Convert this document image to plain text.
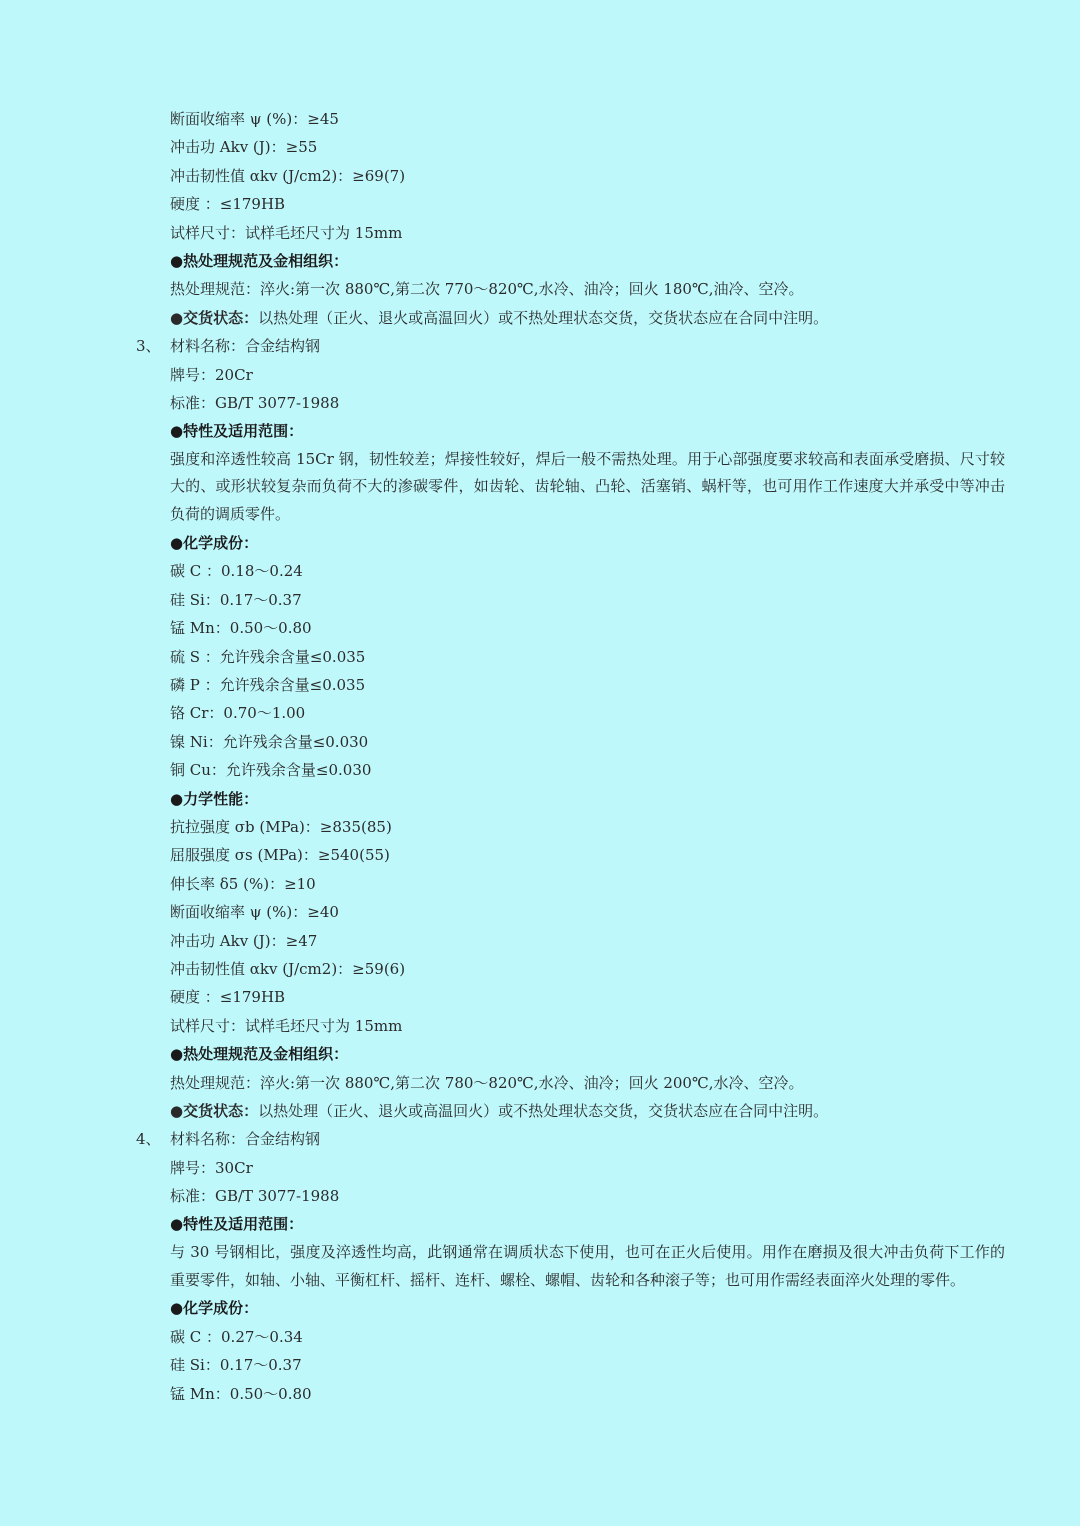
断面收缩率 ψ (%)：≥45
冲击功 Akv (J)：≥55
冲击韧性值 αkv (J/cm2)：≥69(7)
硬度 ：≤179HB
试样尺寸：试样毛坯尺寸为 15mm
●热处理规范及金相组织：
热处理规范：淬火:第一次 880℃,第二次 770～820℃,水冷、油冷；回火 180℃,油冷、空冷。
●交货状态：以热处理（正火、退火或高温回火）或不热处理状态交货，交货状态应在合同中注明。
3、 材料名称：合金结构钢
牌号：20Cr
标准：GB/T 3077-1988
●特性及适用范围：
强度和淬透性较高 15Cr 钢，韧性较差；焊接性较好，焊后一般不需热处理。用于心部强度要求较高和表面承受磨损、尺寸较大的、或形状较复杂而负荷不大的渗碳零件，如齿轮、齿轮轴、凸轮、活塞销、蜗杆等，也可用作工作速度大并承受中等冲击负荷的调质零件。
●化学成份：
碳 C ：0.18～0.24
硅 Si：0.17～0.37
锰 Mn：0.50～0.80
硫 S ：允许残余含量≤0.035
磷 P ：允许残余含量≤0.035
铬 Cr：0.70～1.00
镍 Ni：允许残余含量≤0.030
铜 Cu：允许残余含量≤0.030
●力学性能：
抗拉强度 σb (MPa)：≥835(85)
屈服强度 σs (MPa)：≥540(55)
伸长率 δ5 (%)：≥10
断面收缩率 ψ (%)：≥40
冲击功 Akv (J)：≥47
冲击韧性值 αkv (J/cm2)：≥59(6)
硬度 ：≤179HB
试样尺寸：试样毛坯尺寸为 15mm
●热处理规范及金相组织：
热处理规范：淬火:第一次 880℃,第二次 780～820℃,水冷、油冷；回火 200℃,水冷、空冷。
●交货状态：以热处理（正火、退火或高温回火）或不热处理状态交货，交货状态应在合同中注明。
4、 材料名称：合金结构钢
牌号：30Cr
标准：GB/T 3077-1988
●特性及适用范围：
与 30 号钢相比，强度及淬透性均高，此钢通常在调质状态下使用，也可在正火后使用。用作在磨损及很大冲击负荷下工作的重要零件，如轴、小轴、平衡杠杆、摇杆、连杆、螺栓、螺帽、齿轮和各种滚子等；也可用作需经表面淬火处理的零件。
●化学成份：
碳 C ：0.27～0.34
硅 Si：0.17～0.37
锰 Mn：0.50～0.80
